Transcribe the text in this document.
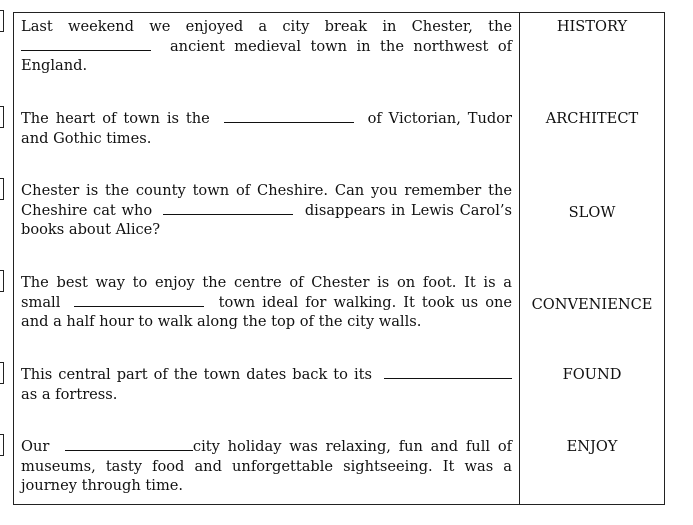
Last weekend we enjoyed a city break in Chester, the
ancient medieval town in the northwest of
England.
HISTORY
The heart of town is the	of Victorian, Tudor
and Gothic times.
ARCHITECT
Chester is the county town of Cheshire. Can you remember the
Cheshire cat who	disappears in Lewis Carol’s
books about Alice?
SLOW
The best way to enjoy the centre of Chester is on foot. It is a
small	town ideal for walking. It took us one
and a half hour to walk along the top of the city walls.
CONVENIENCE
This central part of the town dates back to its
as a fortress.
FOUND
Our	city holiday was relaxing, fun and full of
museums, tasty food and unforgettable sightseeing. It was a
journey through time.
ENJOY
